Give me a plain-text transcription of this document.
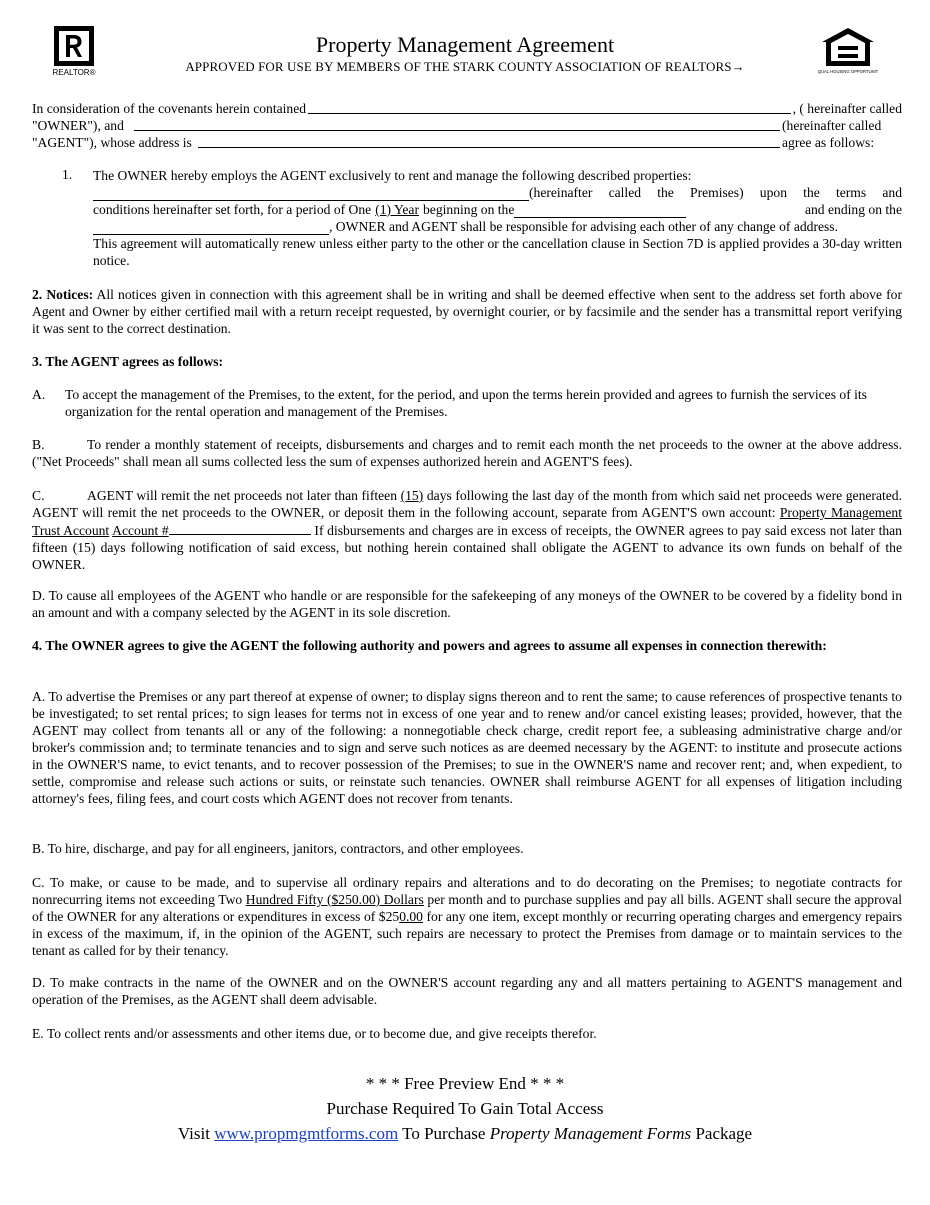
REALTOR®	EQUAL HOUSING OPPORTUNITY
Property Management Agreement
APPROVED FOR USE BY MEMBERS OF THE STARK COUNTY ASSOCIATION OF REALTORS→
In consideration of the covenants herein contained	, ( hereinafter called
"OWNER"), and	(hereinafter called
"AGENT"), whose address is	agree as follows:
1. The OWNER hereby employs the AGENT exclusively to rent and manage the following described properties:
(hereinafter called the Premises) upon the terms and
conditions hereinafter set forth, for a period of One (1) Year beginning on the	and ending on the
, OWNER and AGENT shall be responsible for advising each other of any change of address.
This agreement will automatically renew unless either party to the other or the cancellation clause in Section 7D is applied provides a 30-day written notice.
2. Notices: All notices given in connection with this agreement shall be in writing and shall be deemed effective when sent to the address set forth above for Agent and Owner by either certified mail with a return receipt requested, by overnight courier, or by facsimile and the sender has a transmittal report verifying it was sent to the correct destination.
3. The AGENT agrees as follows:
A. To accept the management of the Premises, to the extent, for the period, and upon the terms herein provided and agrees to furnish the services of its organization for the rental operation and management of the Premises.
B.	To render a monthly statement of receipts, disbursements and charges and to remit each month the net proceeds to the owner at the above address. ("Net Proceeds" shall mean all sums collected less the sum of expenses authorized herein and AGENT'S fees).
C.	AGENT will remit the net proceeds not later than fifteen (15) days following the last day of the month from which said net proceeds were generated. AGENT will remit the net proceeds to the OWNER, or deposit them in the following account, separate from AGENT'S own account: Property Management Trust Account Account #	If disbursements and charges are in excess of receipts, the OWNER agrees to pay said excess not later than fifteen (15) days following notification of said excess, but nothing herein contained shall obligate the AGENT to advance its own funds on behalf of the OWNER.
D. To cause all employees of the AGENT who handle or are responsible for the safekeeping of any moneys of the OWNER to be covered by a fidelity bond in an amount and with a company selected by the AGENT in its sole discretion.
4. The OWNER agrees to give the AGENT the following authority and powers and agrees to assume all expenses in connection therewith:
A. To advertise the Premises or any part thereof at expense of owner; to display signs thereon and to rent the same; to cause references of prospective tenants to be investigated; to set rental prices; to sign leases for terms not in excess of one year and to renew and/or cancel existing leases; provided, however, that the AGENT may collect from tenants all or any of the following: a nonnegotiable check charge, credit report fee, a subleasing administrative charge and/or broker's commission and; to terminate tenancies and to sign and serve such notices as are deemed necessary by the AGENT: to institute and prosecute actions in the OWNER'S name, to evict tenants, and to recover possession of the Premises; to sue in the OWNER'S name and recover rent; and, when expedient, to settle, compromise and release such actions or suits, or reinstate such tenancies. OWNER shall reimburse AGENT for all expenses of litigation including attorney's fees, filing fees, and court costs which AGENT does not recover from tenants.
B. To hire, discharge, and pay for all engineers, janitors, contractors, and other employees.
C. To make, or cause to be made, and to supervise all ordinary repairs and alterations and to do decorating on the Premises; to negotiate contracts for nonrecurring items not exceeding Two Hundred Fifty ($250.00) Dollars per month and to purchase supplies and pay all bills. AGENT shall secure the approval of the OWNER for any alterations or expenditures in excess of $250.00 for any one item, except monthly or recurring operating charges and emergency repairs in excess of the maximum, if, in the opinion of the AGENT, such repairs are necessary to protect the Premises from damage or to maintain services to the tenant as called for by their tenancy.
D. To make contracts in the name of the OWNER and on the OWNER'S account regarding any and all matters pertaining to AGENT'S management and operation of the Premises, as the AGENT shall deem advisable.
E. To collect rents and/or assessments and other items due, or to become due, and give receipts therefor.
* * * Free Preview End * * *
Purchase Required To Gain Total Access
Visit www.propmgmtforms.com To Purchase Property Management Forms Package
